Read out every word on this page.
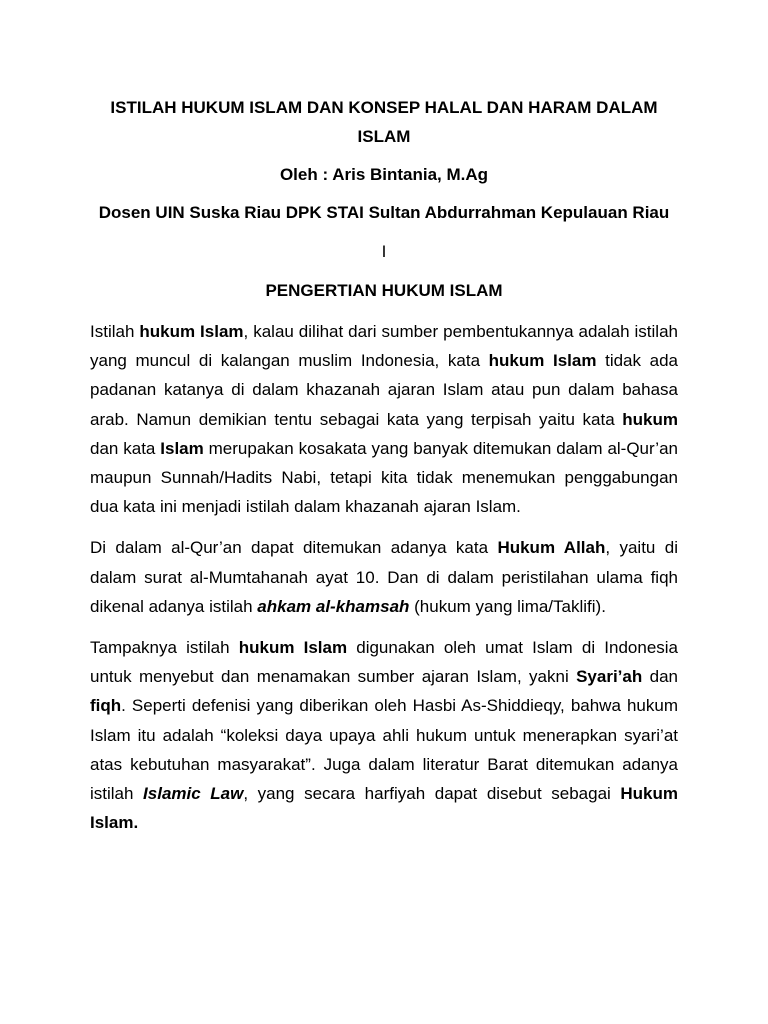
ISTILAH HUKUM ISLAM DAN KONSEP HALAL DAN HARAM DALAM ISLAM

Oleh : Aris Bintania, M.Ag

Dosen UIN Suska Riau DPK STAI Sultan Abdurrahman Kepulauan Riau

I

PENGERTIAN HUKUM ISLAM

Istilah hukum Islam, kalau dilihat dari sumber pembentukannya adalah istilah yang muncul di kalangan muslim Indonesia, kata hukum Islam tidak ada padanan katanya di dalam khazanah ajaran Islam atau pun dalam bahasa arab. Namun demikian tentu sebagai kata yang terpisah yaitu kata hukum dan kata Islam merupakan kosakata yang banyak ditemukan dalam al-Qur’an maupun Sunnah/Hadits Nabi, tetapi kita tidak menemukan penggabungan dua kata ini menjadi istilah dalam khazanah ajaran Islam.

Di dalam al-Qur’an dapat ditemukan adanya kata Hukum Allah, yaitu di dalam surat al-Mumtahanah ayat 10. Dan di dalam peristilahan ulama fiqh dikenal adanya istilah ahkam al-khamsah (hukum yang lima/Taklifi).

Tampaknya istilah hukum Islam digunakan oleh umat Islam di Indonesia untuk menyebut dan menamakan sumber ajaran Islam, yakni Syari’ah dan fiqh. Seperti defenisi yang diberikan oleh Hasbi As-Shiddieqy, bahwa hukum Islam itu adalah “koleksi daya upaya ahli hukum untuk menerapkan syari’at atas kebutuhan masyarakat”. Juga dalam literatur Barat ditemukan adanya istilah Islamic Law, yang secara harfiyah dapat disebut sebagai Hukum Islam.
